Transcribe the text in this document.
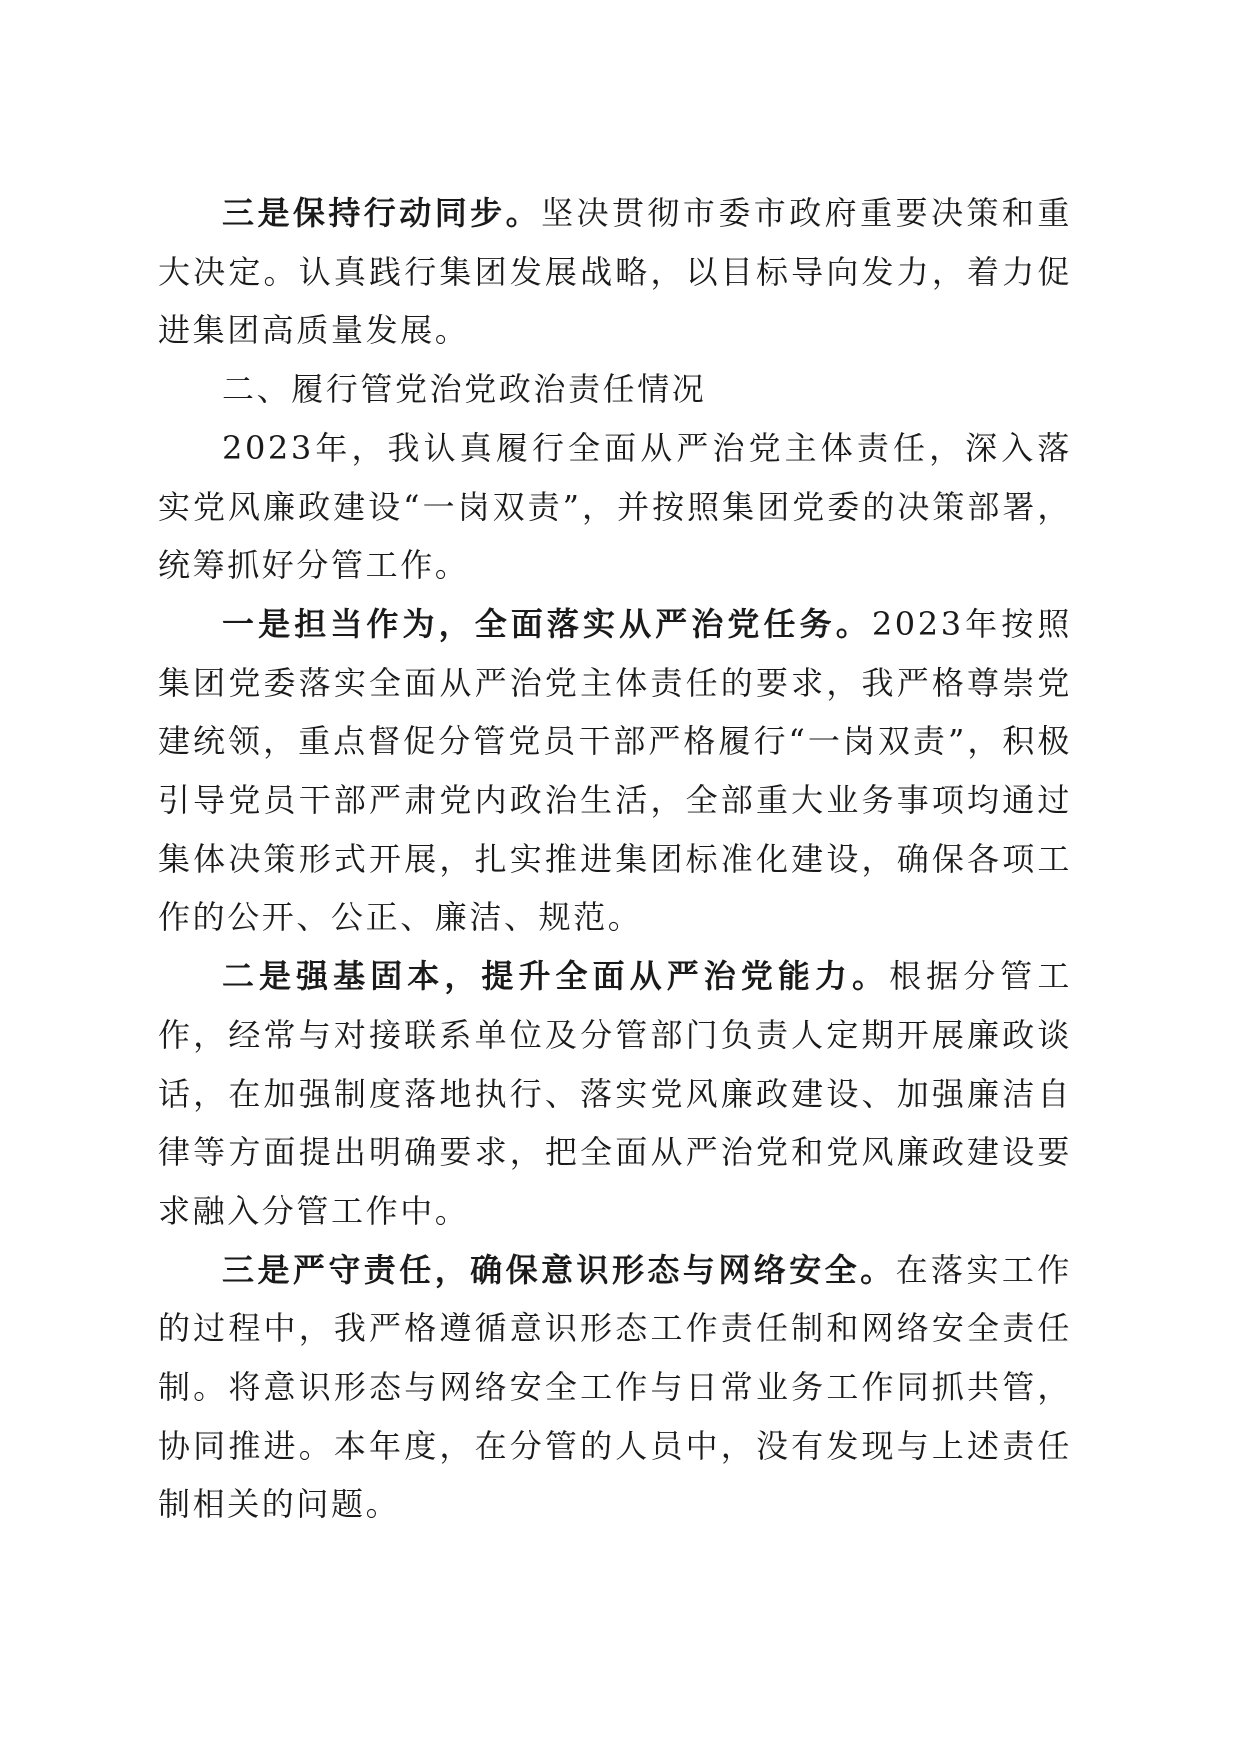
三是保持行动同步。坚决贯彻市委市政府重要决策和重大决定。认真践行集团发展战略，以目标导向发力，着力促进集团高质量发展。

二、履行管党治党政治责任情况

2023年，我认真履行全面从严治党主体责任，深入落实党风廉政建设“一岗双责”，并按照集团党委的决策部署，统筹抓好分管工作。

一是担当作为，全面落实从严治党任务。2023年按照集团党委落实全面从严治党主体责任的要求，我严格尊崇党建统领，重点督促分管党员干部严格履行“一岗双责”，积极引导党员干部严肃党内政治生活，全部重大业务事项均通过集体决策形式开展，扎实推进集团标准化建设，确保各项工作的公开、公正、廉洁、规范。

二是强基固本，提升全面从严治党能力。根据分管工作，经常与对接联系单位及分管部门负责人定期开展廉政谈话，在加强制度落地执行、落实党风廉政建设、加强廉洁自律等方面提出明确要求，把全面从严治党和党风廉政建设要求融入分管工作中。

三是严守责任，确保意识形态与网络安全。在落实工作的过程中，我严格遵循意识形态工作责任制和网络安全责任制。将意识形态与网络安全工作与日常业务工作同抓共管，协同推进。本年度，在分管的人员中，没有发现与上述责任制相关的问题。
